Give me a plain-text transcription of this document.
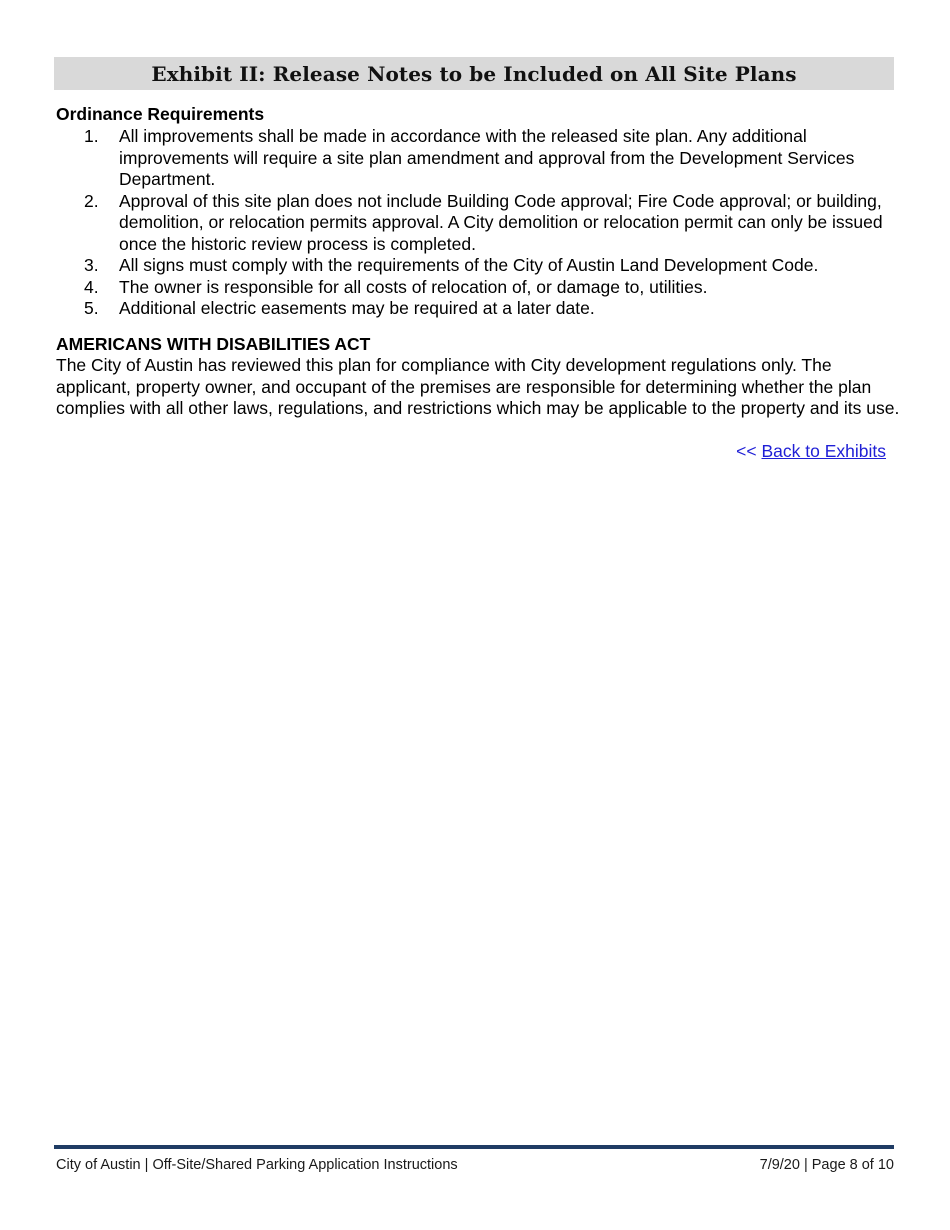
Exhibit II: Release Notes to be Included on All Site Plans
Ordinance Requirements
1. All improvements shall be made in accordance with the released site plan. Any additional improvements will require a site plan amendment and approval from the Development Services Department.
2. Approval of this site plan does not include Building Code approval; Fire Code approval; or building, demolition, or relocation permits approval. A City demolition or relocation permit can only be issued once the historic review process is completed.
3. All signs must comply with the requirements of the City of Austin Land Development Code.
4. The owner is responsible for all costs of relocation of, or damage to, utilities.
5. Additional electric easements may be required at a later date.
AMERICANS WITH DISABILITIES ACT

The City of Austin has reviewed this plan for compliance with City development regulations only. The applicant, property owner, and occupant of the premises are responsible for determining whether the plan complies with all other laws, regulations, and restrictions which may be applicable to the property and its use.

<< Back to Exhibits
City of Austin | Off-Site/Shared Parking Application Instructions	7/9/20 | Page 8 of 10
